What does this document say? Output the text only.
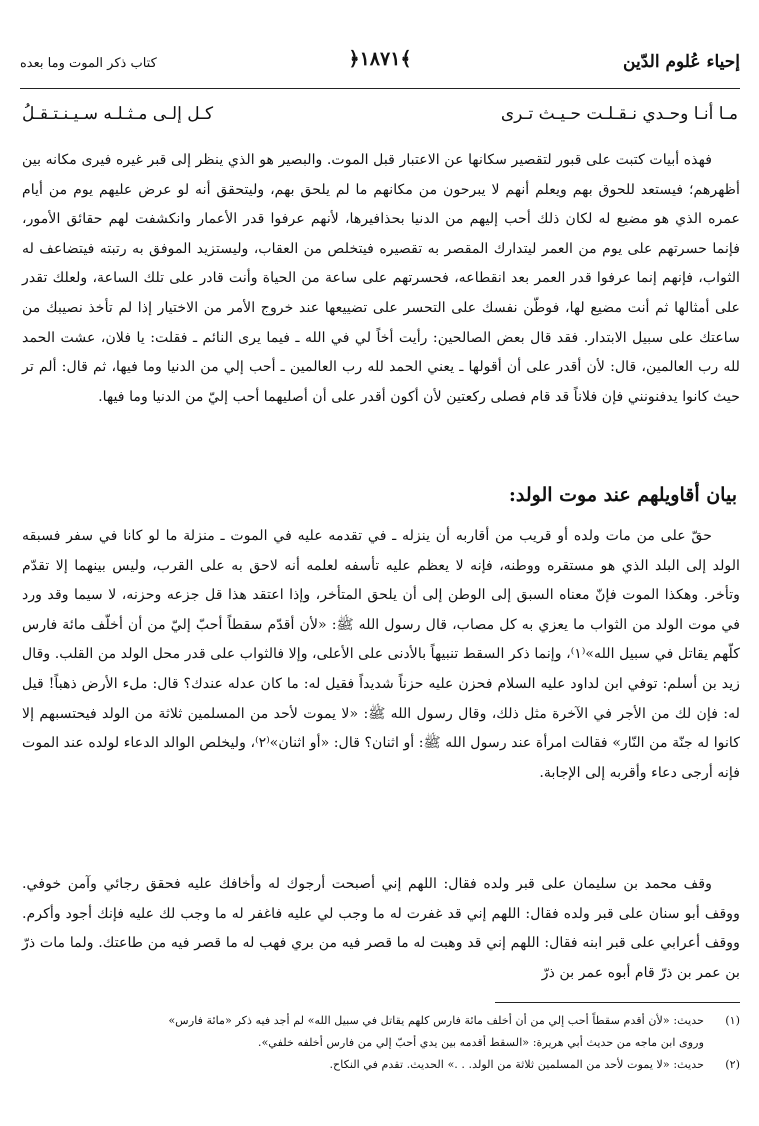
إحياء عُلوم الدّين
﴿١٨٧١﴾
كتاب ذكر الموت وما بعده
مـا أنـا وحـدي نـقـلـت حـيـث تـرى
كـل إلـى مـثـلـه سـيـنـتـقـلُ

فهذه أبيات كتبت على قبور لتقصير سكانها عن الاعتبار قبل الموت. والبصير هو الذي ينظر إلى قبر غيره فيرى مكانه بين أظهرهم؛ فيستعد للحوق بهم ويعلم أنهم لا يبرحون من مكانهم ما لم يلحق بهم، وليتحقق أنه لو عرض عليهم يوم من أيام عمره الذي هو مضيع له لكان ذلك أحب إليهم من الدنيا بحذافيرها، لأنهم عرفوا قدر الأعمار وانكشفت لهم حقائق الأمور، فإنما حسرتهم على يوم من العمر ليتدارك المقصر به تقصيره فيتخلص من العقاب، وليستزيد الموفق به رتبته فيتضاعف له الثواب، فإنهم إنما عرفوا قدر العمر بعد انقطاعه، فحسرتهم على ساعة من الحياة وأنت قادر على تلك الساعة، ولعلك تقدر على أمثالها ثم أنت مضيع لها، فوطّن نفسك على التحسر على تضييعها عند خروج الأمر من الاختيار إذا لم تأخذ نصيبك من ساعتك على سبيل الابتدار. فقد قال بعض الصالحين: رأيت أخاً لي في الله ـ فيما يرى النائم ـ فقلت: يا فلان، عشت الحمد لله رب العالمين، قال: لأن أقدر على أن أقولها ـ يعني الحمد لله رب العالمين ـ أحب إلي من الدنيا وما فيها، ثم قال: ألم تر حيث كانوا يدفنونني فإن فلاناً قد قام فصلى ركعتين لأن أكون أقدر على أن أصليهما أحب إليّ من الدنيا وما فيها.

بيان أقاويلهم عند موت الولد:

حقّ على من مات ولده أو قريب من أقاربه أن ينزله ـ في تقدمه عليه في الموت ـ منزلة ما لو كانا في سفر فسبقه الولد إلى البلد الذي هو مستقره ووطنه، فإنه لا يعظم عليه تأسفه لعلمه أنه لاحق به على القرب، وليس بينهما إلا تقدّم وتأخر. وهكذا الموت فإنّ معناه السبق إلى الوطن إلى أن يلحق المتأخر، وإذا اعتقد هذا قل جزعه وحزنه، لا سيما وقد ورد في موت الولد من الثواب ما يعزي به كل مصاب، قال رسول الله ﷺ: «لأن أقدّم سقطاً أحبّ إليّ من أن أخلّف مائة فارس كلّهم يقاتل في سبيل الله»⁽١⁾، وإنما ذكر السقط تنبيهاً بالأدنى على الأعلى، وإلا فالثواب على قدر محل الولد من القلب. وقال زيد بن أسلم: توفي ابن لداود عليه السلام فحزن عليه حزناً شديداً فقيل له: ما كان عدله عندك؟ قال: ملء الأرض ذهباً! قيل له: فإن لك من الأجر في الآخرة مثل ذلك، وقال رسول الله ﷺ: «لا يموت لأحد من المسلمين ثلاثة من الولد فيحتسبهم إلا كانوا له جنّة من النّار» فقالت امرأة عند رسول الله ﷺ: أو اثنان؟ قال: «أو اثنان»⁽٢⁾، وليخلص الوالد الدعاء لولده عند الموت فإنه أرجى دعاء وأقربه إلى الإجابة.

وقف محمد بن سليمان على قبر ولده فقال: اللهم إني أصبحت أرجوك له وأخافك عليه فحقق رجائي وآمن خوفي. ووقف أبو سنان على قبر ولده فقال: اللهم إني قد غفرت له ما وجب لي عليه فاغفر له ما وجب لك عليه فإنك أجود وأكرم. ووقف أعرابي على قبر ابنه فقال: اللهم إني قد وهبت له ما قصر فيه من بري فهب له ما قصر فيه من طاعتك. ولما مات ذرّ بن عمر بن ذرّ قام أبوه عمر بن ذرّ

(١)
حديث: «لأن أقدم سقطاً أحب إلي من أن أخلف مائة فارس كلهم يقاتل في سبيل الله» لم أجد فيه ذكر «مائة فارس»
وروى ابن ماجه من حديث أبي هريرة: «السقط أقدمه بين يدي أحبّ إلي من فارس أخلفه خلفي».
(٢)
حديث: «لا يموت لأحد من المسلمين ثلاثة من الولد. . .» الحديث. تقدم في النكاح.
